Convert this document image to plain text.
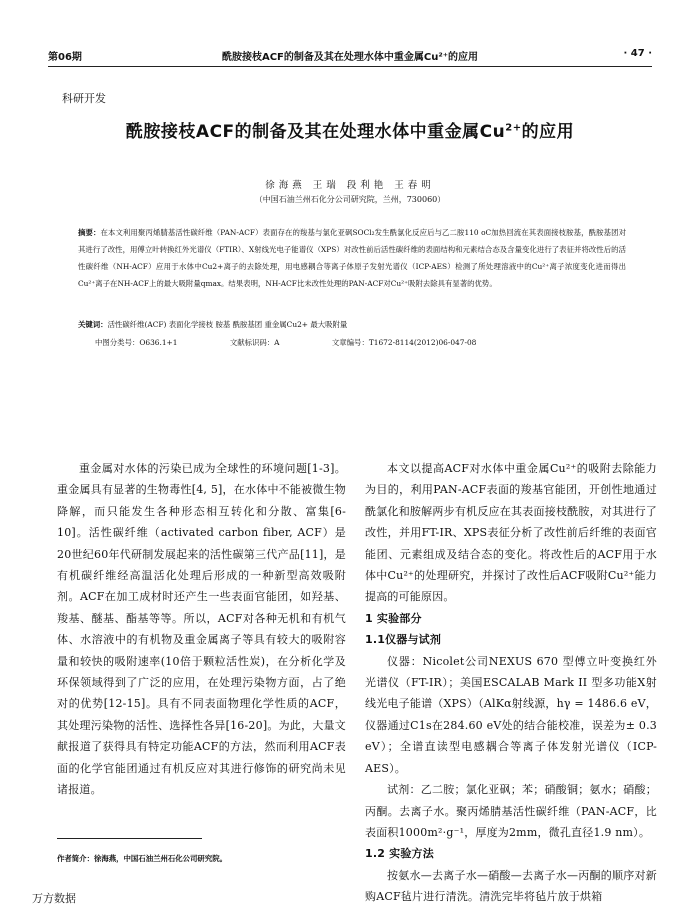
第06期	酰胺接枝ACF的制备及其在处理水体中重金属Cu²⁺的应用	· 47 ·
科研开发
酰胺接枝ACF的制备及其在处理水体中重金属$Cu^{2+}$的应用
徐海燕 王瑞 段利艳 王春明
（中国石油兰州石化分公司研究院，兰州，730060）
摘要：在本文利用聚丙烯腈基活性碳纤维（PAN-ACF）表面存在的羧基与氯化亚砜SOCl₂发生酰氯化反应后与乙二胺110 oC加热回流在其表面接枝胺基，酰胺基团对其进行了改性，用傅立叶转换红外光谱仪（FTIR）、X射线光电子能谱仪（XPS）对改性前后活性碳纤维的表面结构和元素结合态及含量变化进行了表征并将改性后的活性碳纤维（NH-ACF）应用于水体中Cu2+离子的去除处理，用电感耦合等离子体原子发射光谱仪（ICP-AES）检测了所处理溶液中的Cu²⁺离子浓度变化进而得出 Cu²⁺离子在NH-ACF上的最大吸附量qmax。结果表明，NH-ACF比未改性处理的PAN-ACF对Cu²⁺吸附去除具有显著的优势。
关键词：活性碳纤维(ACF) 表面化学接枝 胺基 酰胺基团 重金属Cu2+ 最大吸附量
中图分类号：O636.1+1	文献标识码：A	文章编号：T1672-8114(2012)06-047-08

重金属对水体的污染已成为全球性的环境问题[1-3]。重金属具有显著的生物毒性[4, 5]，在水体中不能被微生物降解，而只能发生各种形态相互转化和分散、富集[6-10]。活性碳纤维（activated carbon fiber, ACF）是20世纪60年代研制发展起来的活性碳第三代产品[11]，是有机碳纤维经高温活化处理后形成的一种新型高效吸附剂。ACF在加工成材时还产生一些表面官能团，如羟基、羧基、醚基、酯基等等。所以，ACF对各种无机和有机气体、水溶液中的有机物及重金属离子等具有较大的吸附容量和较快的吸附速率(10倍于颗粒活性炭)，在分析化学及环保领域得到了广泛的应用，在处理污染物方面，占了绝对的优势[12-15]。具有不同表面物理化学性质的ACF，其处理污染物的活性、选择性各异[16-20]。为此，大量文献报道了获得具有特定功能ACF的方法，然而利用ACF表面的化学官能团通过有机反应对其进行修饰的研究尚未见诸报道。

本文以提高ACF对水体中重金属Cu²⁺的吸附去除能力为目的，利用PAN-ACF表面的羧基官能团，开创性地通过酰氯化和胺解两步有机反应在其表面接枝酰胺，对其进行了改性，并用FT-IR、XPS表征分析了改性前后纤维的表面官能团、元素组成及结合态的变化。将改性后的ACF用于水体中Cu²⁺的处理研究，并探讨了改性后ACF吸附Cu²⁺能力提高的可能原因。

1 实验部分
1.1仪器与试剂

仪器：Nicolet公司NEXUS 670 型傅立叶变换红外光谱仪（FT-IR）；美国ESCALAB Mark II 型多功能X射线光电子能谱（XPS）（AlKα射线源，hγ = 1486.6 eV，仪器通过C1s在284.60 eV处的结合能校准，误差为± 0.3 eV）；全谱直读型电感耦合等离子体发射光谱仪（ICP-AES）。

试剂：乙二胺；氯化亚砜；苯；硝酸铜；氨水；硝酸；丙酮。去离子水。聚丙烯腈基活性碳纤维（PAN-ACF，比表面积1000m²·g⁻¹，厚度为2mm，微孔直径1.9 nm）。

1.2 实验方法

按氨水—去离子水—硝酸—去离子水—丙酮的顺序对新购ACF毡片进行清洗。清洗完毕将毡片放于烘箱

作者简介：徐海燕，中国石油兰州石化公司研究院。
万方数据
